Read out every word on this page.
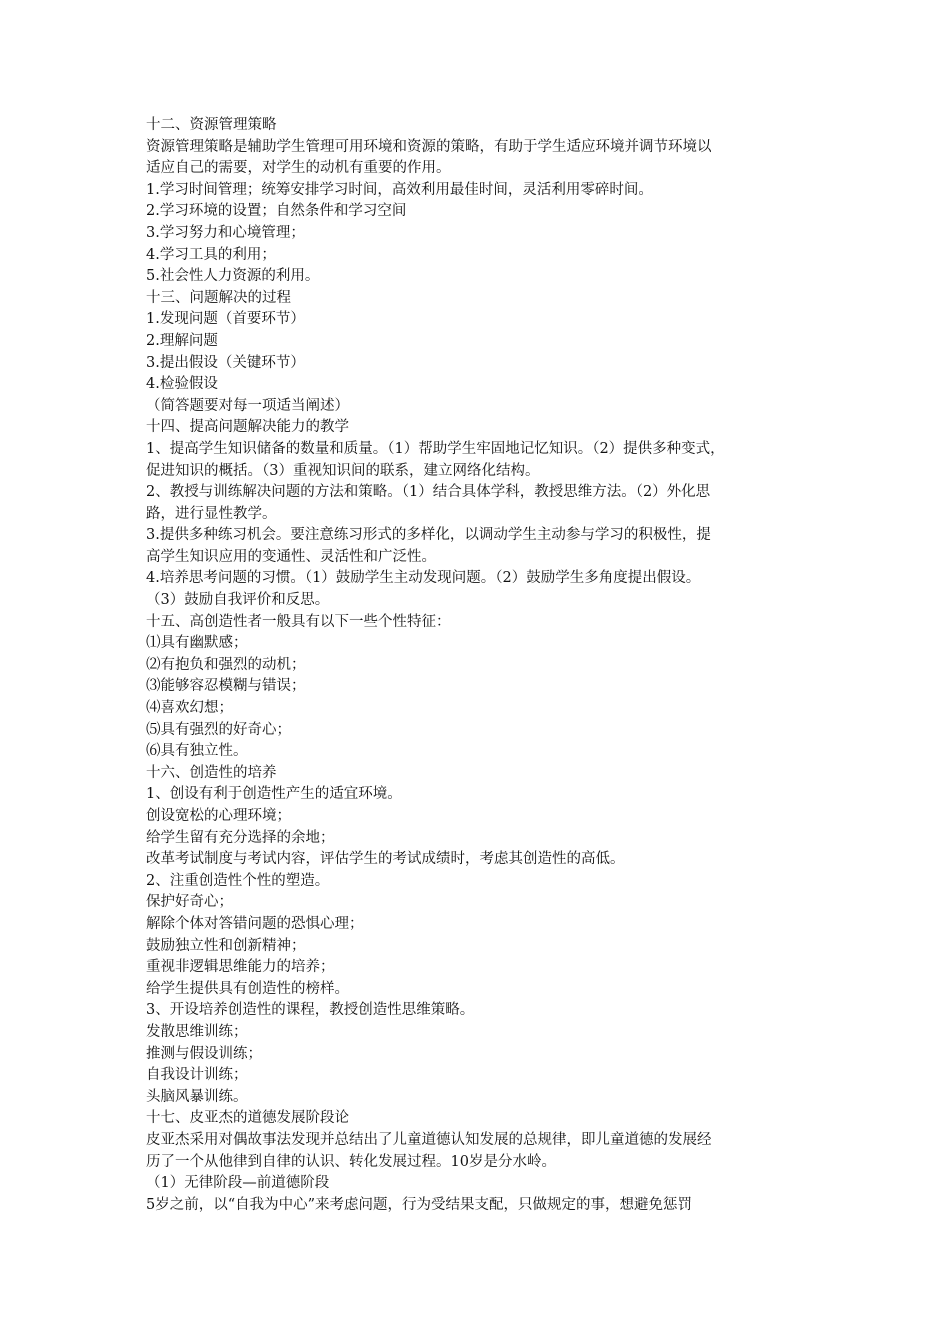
十二、资源管理策略

资源管理策略是辅助学生管理可用环境和资源的策略，有助于学生适应环境并调节环境以

适应自己的需要，对学生的动机有重要的作用。

1.学习时间管理；统筹安排学习时间，高效利用最佳时间，灵活利用零碎时间。

2.学习环境的设置；自然条件和学习空间

3.学习努力和心境管理；

4.学习工具的利用；

5.社会性人力资源的利用。

十三、问题解决的过程

1.发现问题（首要环节）

2.理解问题

3.提出假设（关键环节）

4.检验假设

（简答题要对每一项适当阐述）

十四、提高问题解决能力的教学

1、提高学生知识储备的数量和质量。（1）帮助学生牢固地记忆知识。（2）提供多种变式，

促进知识的概括。（3）重视知识间的联系，建立网络化结构。

2、教授与训练解决问题的方法和策略。（1）结合具体学科，教授思维方法。（2）外化思

路，进行显性教学。

3.提供多种练习机会。要注意练习形式的多样化，以调动学生主动参与学习的积极性，提

高学生知识应用的变通性、灵活性和广泛性。

4.培养思考问题的习惯。（1）鼓励学生主动发现问题。（2）鼓励学生多角度提出假设。

（3）鼓励自我评价和反思。

十五、高创造性者一般具有以下一些个性特征：

⑴具有幽默感；

⑵有抱负和强烈的动机；

⑶能够容忍模糊与错误；

⑷喜欢幻想；

⑸具有强烈的好奇心；

⑹具有独立性。

十六、创造性的培养

1、创设有利于创造性产生的适宜环境。

创设宽松的心理环境；

给学生留有充分选择的余地；

改革考试制度与考试内容，评估学生的考试成绩时，考虑其创造性的高低。

2、注重创造性个性的塑造。

保护好奇心；

解除个体对答错问题的恐惧心理；

鼓励独立性和创新精神；

重视非逻辑思维能力的培养；

给学生提供具有创造性的榜样。

3、开设培养创造性的课程，教授创造性思维策略。

发散思维训练；

推测与假设训练；

自我设计训练；

头脑风暴训练。

十七、皮亚杰的道德发展阶段论

皮亚杰采用对偶故事法发现并总结出了儿童道德认知发展的总规律，即儿童道德的发展经

历了一个从他律到自律的认识、转化发展过程。10岁是分水岭。

（1）无律阶段—前道德阶段

5岁之前，以“自我为中心”来考虑问题，行为受结果支配，只做规定的事，想避免惩罚
